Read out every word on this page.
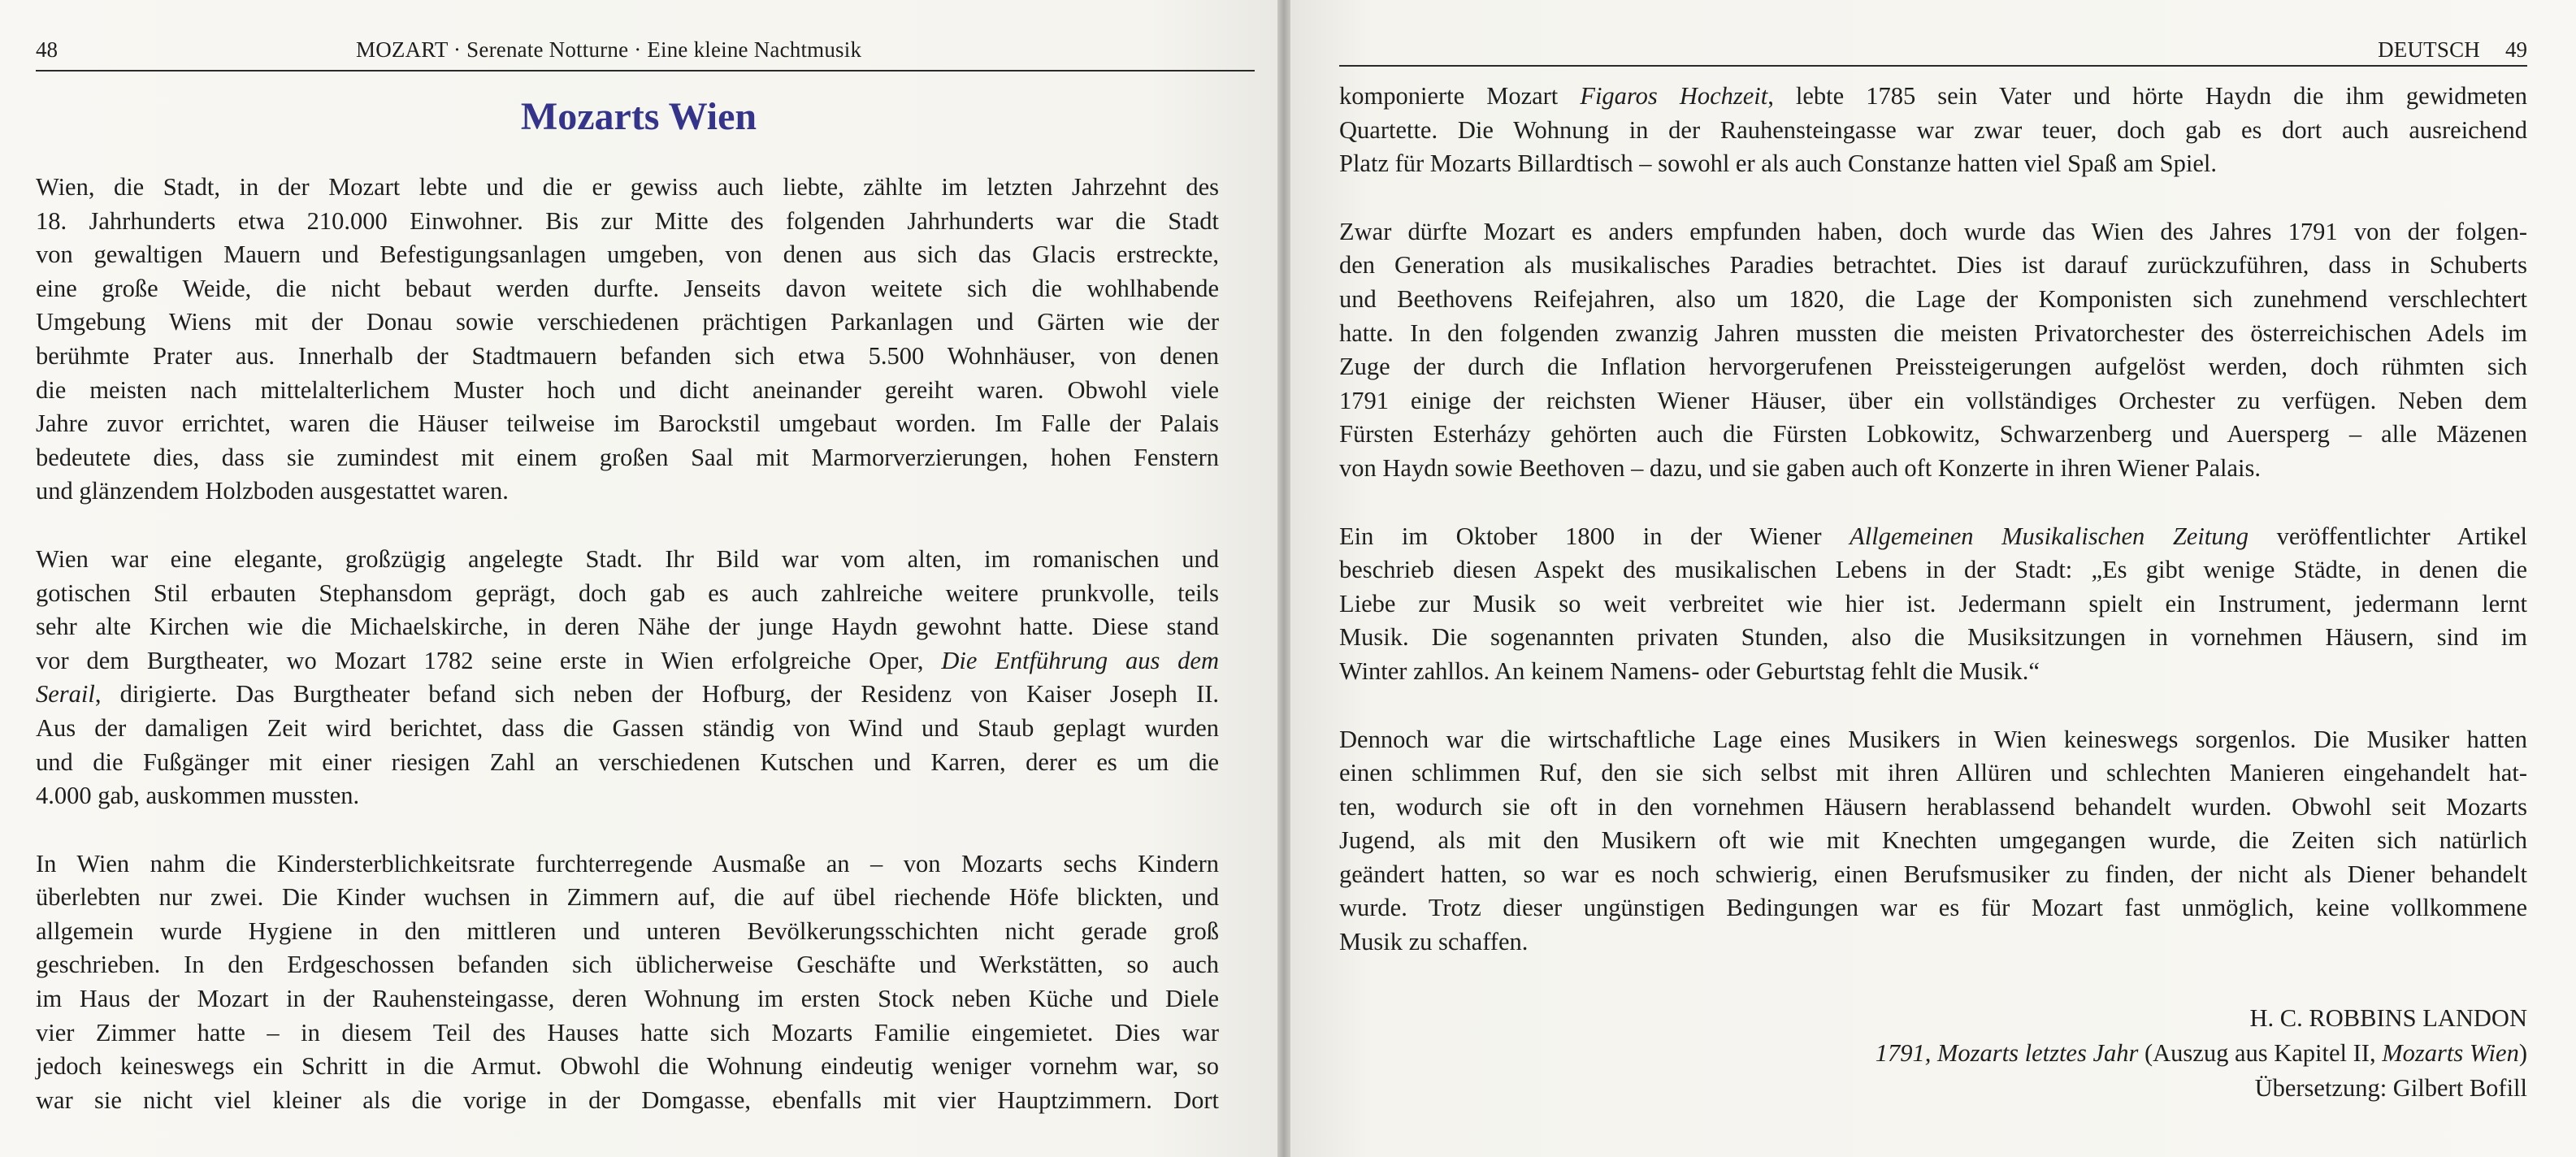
48	MOZART · Serenate Notturne · Eine kleine Nachtmusik
Mozarts Wien

Wien, die Stadt, in der Mozart lebte und die er gewiss auch liebte, zählte im letzten Jahrzehnt des
18. Jahrhunderts etwa 210.000 Einwohner. Bis zur Mitte des folgenden Jahrhunderts war die Stadt
von gewaltigen Mauern und Befestigungsanlagen umgeben, von denen aus sich das Glacis erstreckte,
eine große Weide, die nicht bebaut werden durfte. Jenseits davon weitete sich die wohlhabende
Umgebung Wiens mit der Donau sowie verschiedenen prächtigen Parkanlagen und Gärten wie der
berühmte Prater aus. Innerhalb der Stadtmauern befanden sich etwa 5.500 Wohnhäuser, von denen
die meisten nach mittelalterlichem Muster hoch und dicht aneinander gereiht waren. Obwohl viele
Jahre zuvor errichtet, waren die Häuser teilweise im Barockstil umgebaut worden. Im Falle der Palais
bedeutete dies, dass sie zumindest mit einem großen Saal mit Marmorverzierungen, hohen Fenstern
und glänzendem Holzboden ausgestattet waren.

Wien war eine elegante, großzügig angelegte Stadt. Ihr Bild war vom alten, im romanischen und
gotischen Stil erbauten Stephansdom geprägt, doch gab es auch zahlreiche weitere prunkvolle, teils
sehr alte Kirchen wie die Michaelskirche, in deren Nähe der junge Haydn gewohnt hatte. Diese stand
vor dem Burgtheater, wo Mozart 1782 seine erste in Wien erfolgreiche Oper, Die Entführung aus dem
Serail, dirigierte. Das Burgtheater befand sich neben der Hofburg, der Residenz von Kaiser Joseph II.
Aus der damaligen Zeit wird berichtet, dass die Gassen ständig von Wind und Staub geplagt wurden
und die Fußgänger mit einer riesigen Zahl an verschiedenen Kutschen und Karren, derer es um die
4.000 gab, auskommen mussten.

In Wien nahm die Kindersterblichkeitsrate furchterregende Ausmaße an – von Mozarts sechs Kindern
überlebten nur zwei. Die Kinder wuchsen in Zimmern auf, die auf übel riechende Höfe blickten, und
allgemein wurde Hygiene in den mittleren und unteren Bevölkerungsschichten nicht gerade groß
geschrieben. In den Erdgeschossen befanden sich üblicherweise Geschäfte und Werkstätten, so auch
im Haus der Mozart in der Rauhensteingasse, deren Wohnung im ersten Stock neben Küche und Diele
vier Zimmer hatte – in diesem Teil des Hauses hatte sich Mozarts Familie eingemietet. Dies war
jedoch keineswegs ein Schritt in die Armut. Obwohl die Wohnung eindeutig weniger vornehm war, so
war sie nicht viel kleiner als die vorige in der Domgasse, ebenfalls mit vier Hauptzimmern. Dort

DEUTSCH 49

komponierte Mozart Figaros Hochzeit, lebte 1785 sein Vater und hörte Haydn die ihm gewidmeten
Quartette. Die Wohnung in der Rauhensteingasse war zwar teuer, doch gab es dort auch ausreichend
Platz für Mozarts Billardtisch – sowohl er als auch Constanze hatten viel Spaß am Spiel.

Zwar dürfte Mozart es anders empfunden haben, doch wurde das Wien des Jahres 1791 von der folgen-
den Generation als musikalisches Paradies betrachtet. Dies ist darauf zurückzuführen, dass in Schuberts
und Beethovens Reifejahren, also um 1820, die Lage der Komponisten sich zunehmend verschlechtert
hatte. In den folgenden zwanzig Jahren mussten die meisten Privatorchester des österreichischen Adels im
Zuge der durch die Inflation hervorgerufenen Preissteigerungen aufgelöst werden, doch rühmten sich
1791 einige der reichsten Wiener Häuser, über ein vollständiges Orchester zu verfügen. Neben dem
Fürsten Esterházy gehörten auch die Fürsten Lobkowitz, Schwarzenberg und Auersperg – alle Mäzenen
von Haydn sowie Beethoven – dazu, und sie gaben auch oft Konzerte in ihren Wiener Palais.

Ein im Oktober 1800 in der Wiener Allgemeinen Musikalischen Zeitung veröffentlichter Artikel
beschrieb diesen Aspekt des musikalischen Lebens in der Stadt: „Es gibt wenige Städte, in denen die
Liebe zur Musik so weit verbreitet wie hier ist. Jedermann spielt ein Instrument, jedermann lernt
Musik. Die sogenannten privaten Stunden, also die Musiksitzungen in vornehmen Häusern, sind im
Winter zahllos. An keinem Namens- oder Geburtstag fehlt die Musik.“

Dennoch war die wirtschaftliche Lage eines Musikers in Wien keineswegs sorgenlos. Die Musiker hatten
einen schlimmen Ruf, den sie sich selbst mit ihren Allüren und schlechten Manieren eingehandelt hat-
ten, wodurch sie oft in den vornehmen Häusern herablassend behandelt wurden. Obwohl seit Mozarts
Jugend, als mit den Musikern oft wie mit Knechten umgegangen wurde, die Zeiten sich natürlich
geändert hatten, so war es noch schwierig, einen Berufsmusiker zu finden, der nicht als Diener behandelt
wurde. Trotz dieser ungünstigen Bedingungen war es für Mozart fast unmöglich, keine vollkommene
Musik zu schaffen.

H. C. ROBBINS LANDON
1791, Mozarts letztes Jahr (Auszug aus Kapitel II, Mozarts Wien)
Übersetzung: Gilbert Bofill
